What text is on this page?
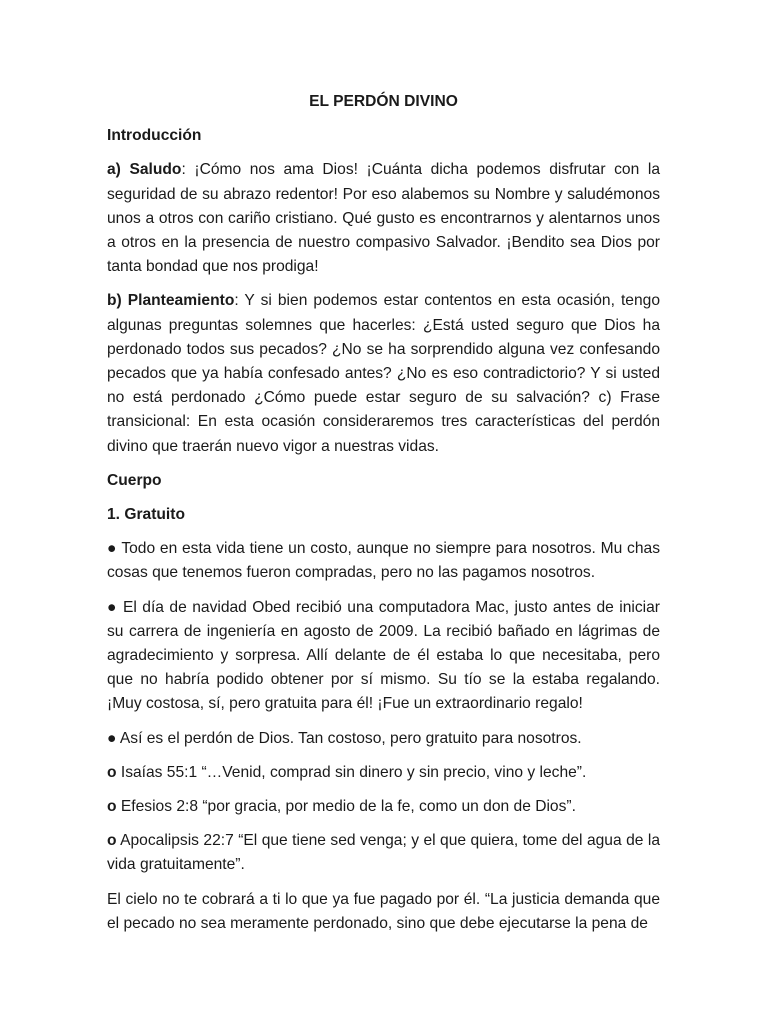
EL PERDÓN DIVINO
Introducción

a) Saludo: ¡Cómo nos ama Dios! ¡Cuánta dicha podemos disfrutar con la seguridad de su abrazo redentor! Por eso alabemos su Nombre y saludémonos unos a otros con cariño cristiano. Qué gusto es encontrarnos y alentarnos unos a otros en la presencia de nuestro compasivo Salvador. ¡Bendito sea Dios por tanta bondad que nos prodiga!

b) Planteamiento: Y si bien podemos estar contentos en esta ocasión, tengo algunas preguntas solemnes que hacerles: ¿Está usted seguro que Dios ha perdonado todos sus pecados? ¿No se ha sorprendido alguna vez confesando pecados que ya había confesado antes? ¿No es eso contradictorio? Y si usted no está perdonado ¿Cómo puede estar seguro de su salvación? c) Frase transicional: En esta ocasión consideraremos tres características del perdón divino que traerán nuevo vigor a nuestras vidas.

Cuerpo
1. Gratuito

● Todo en esta vida tiene un costo, aunque no siempre para nosotros. Mu chas cosas que tenemos fueron compradas, pero no las pagamos nosotros.

● El día de navidad Obed recibió una computadora Mac, justo antes de iniciar su carrera de ingeniería en agosto de 2009. La recibió bañado en lágrimas de agradecimiento y sorpresa. Allí delante de él estaba lo que necesitaba, pero que no habría podido obtener por sí mismo. Su tío se la estaba regalando. ¡Muy costosa, sí, pero gratuita para él! ¡Fue un extraordinario regalo!

● Así es el perdón de Dios. Tan costoso, pero gratuito para nosotros.

o Isaías 55:1 “…Venid, comprad sin dinero y sin precio, vino y leche”.

o Efesios 2:8 “por gracia, por medio de la fe, como un don de Dios”.

o Apocalipsis 22:7 “El que tiene sed venga; y el que quiera, tome del agua de la vida gratuitamente”.

El cielo no te cobrará a ti lo que ya fue pagado por él. “La justicia demanda que el pecado no sea meramente perdonado, sino que debe ejecutarse la pena de
